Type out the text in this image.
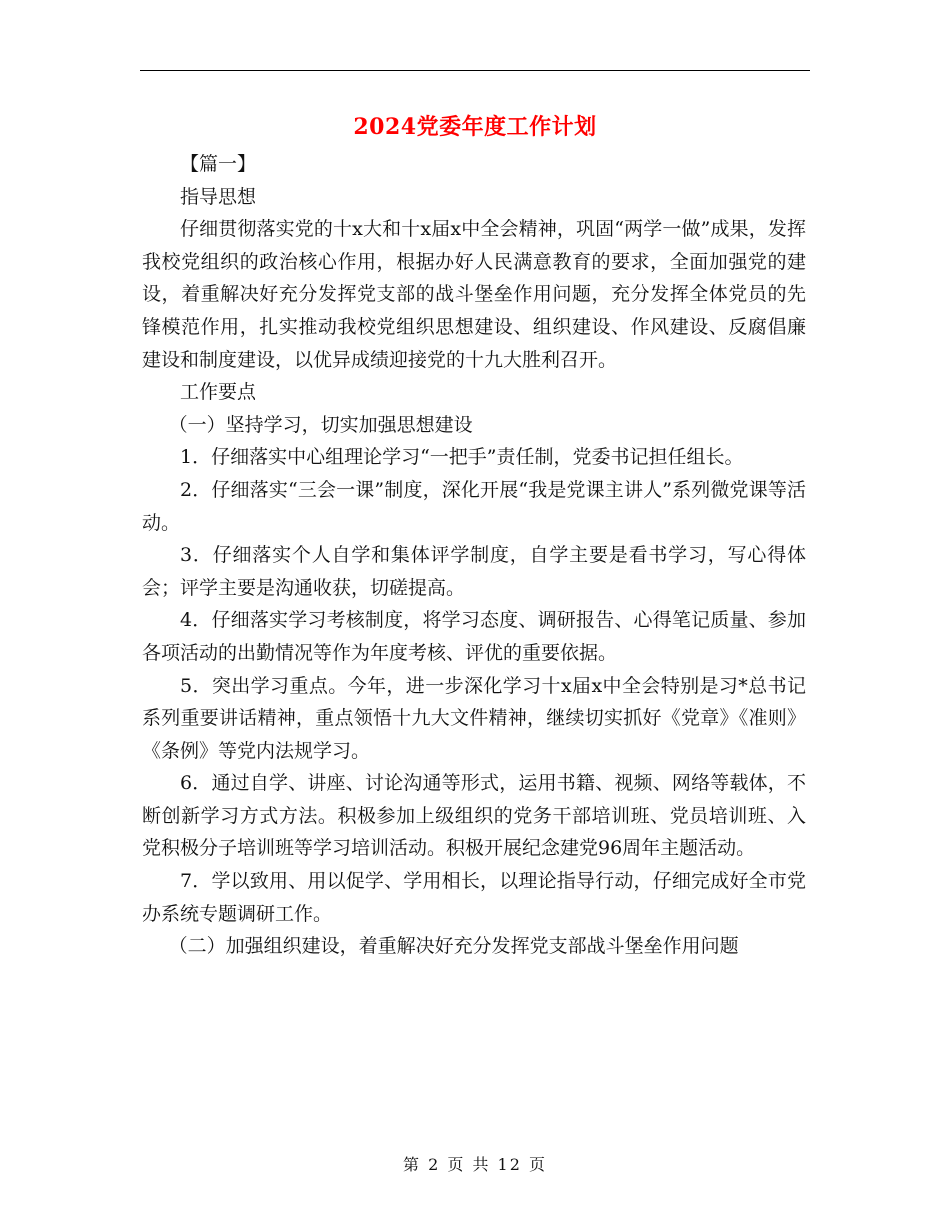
2024党委年度工作计划

【篇一】

指导思想

仔细贯彻落实党的十x大和十x届x中全会精神，巩固“两学一做”成果，发挥我校党组织的政治核心作用，根据办好人民满意教育的要求，全面加强党的建设，着重解决好充分发挥党支部的战斗堡垒作用问题，充分发挥全体党员的先锋模范作用，扎实推动我校党组织思想建设、组织建设、作风建设、反腐倡廉建设和制度建设，以优异成绩迎接党的十九大胜利召开。

工作要点

（一）坚持学习，切实加强思想建设

1．仔细落实中心组理论学习“一把手”责任制，党委书记担任组长。

2．仔细落实“三会一课”制度，深化开展“我是党课主讲人”系列微党课等活动。

3．仔细落实个人自学和集体评学制度，自学主要是看书学习，写心得体会；评学主要是沟通收获，切磋提高。

4．仔细落实学习考核制度，将学习态度、调研报告、心得笔记质量、参加各项活动的出勤情况等作为年度考核、评优的重要依据。

5．突出学习重点。今年，进一步深化学习十x届x中全会特别是习*总书记系列重要讲话精神，重点领悟十九大文件精神，继续切实抓好《党章》《准则》《条例》等党内法规学习。

6．通过自学、讲座、讨论沟通等形式，运用书籍、视频、网络等载体，不断创新学习方式方法。积极参加上级组织的党务干部培训班、党员培训班、入党积极分子培训班等学习培训活动。积极开展纪念建党96周年主题活动。

7．学以致用、用以促学、学用相长，以理论指导行动，仔细完成好全市党办系统专题调研工作。

（二）加强组织建设，着重解决好充分发挥党支部战斗堡垒作用问题

第 2 页 共 12 页
